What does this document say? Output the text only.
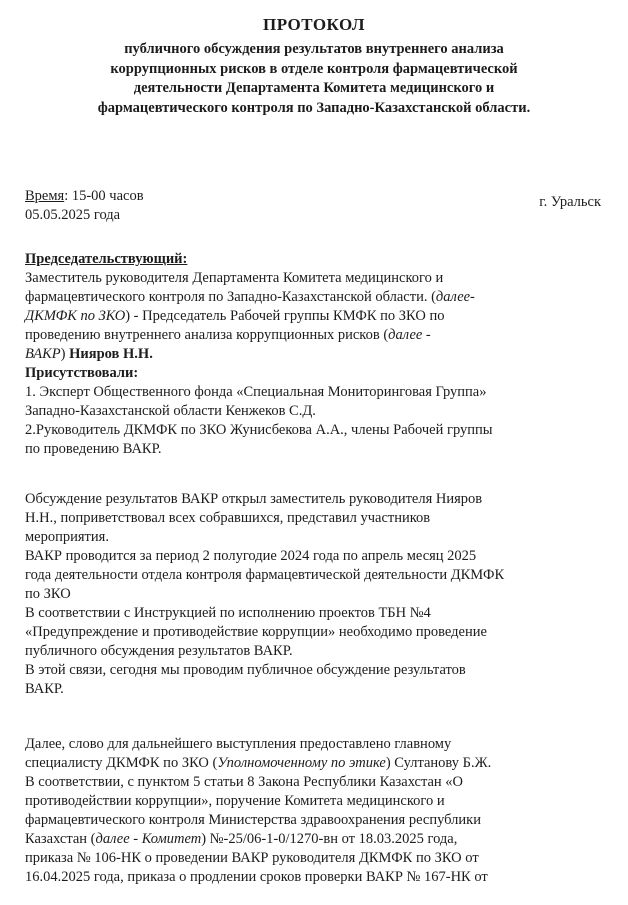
ПРОТОКОЛ
публичного обсуждения результатов внутреннего анализа
коррупционных рисков в отделе контроля фармацевтической
деятельности Департамента Комитета медицинского и
фармацевтического контроля по Западно-Казахстанской области.
Время: 15-00 часов
05.05.2025 года
г. Уральск

Председательствующий:

Заместитель руководителя Департамента Комитета медицинского и

фармацевтического контроля по Западно-Казахстанской области. (далее-

ДКМФК по ЗКО) - Председатель Рабочей группы КМФК по ЗКО по

проведению внутреннего анализа коррупционных рисков (далее -

ВАКР) Нияров Н.Н.

Присутствовали:

1. Эксперт Общественного фонда «Специальная Мониторинговая Группа»

Западно-Казахстанской области Кенжеков С.Д.

2.Руководитель ДКМФК по ЗКО Жунисбекова А.А., члены Рабочей группы

по проведению ВАКР.

Обсуждение результатов ВАКР открыл заместитель руководителя Нияров

Н.Н., поприветствовал всех собравшихся, представил участников

мероприятия.

ВАКР проводится за период 2 полугодие 2024 года по апрель месяц 2025

года деятельности отдела контроля фармацевтической деятельности ДКМФК

по ЗКО

В соответствии с Инструкцией по исполнению проектов ТБН №4

«Предупреждение и противодействие коррупции» необходимо проведение

публичного обсуждения результатов ВАКР.

В этой связи, сегодня мы проводим публичное обсуждение результатов

ВАКР.

Далее, слово для дальнейшего выступления предоставлено главному

специалисту ДКМФК по ЗКО (Уполномоченному по этике) Султанову Б.Ж.

В соответствии, с пунктом 5 статьи 8 Закона Республики Казахстан «О

противодействии коррупции», поручение Комитета медицинского и

фармацевтического контроля Министерства здравоохранения республики

Казахстан (далее - Комитет) №-25/06-1-0/1270-вн от 18.03.2025 года,

приказа № 106-НК о проведении ВАКР руководителя ДКМФК по ЗКО от

16.04.2025 года, приказа о продлении сроков проверки ВАКР № 167-НК от
